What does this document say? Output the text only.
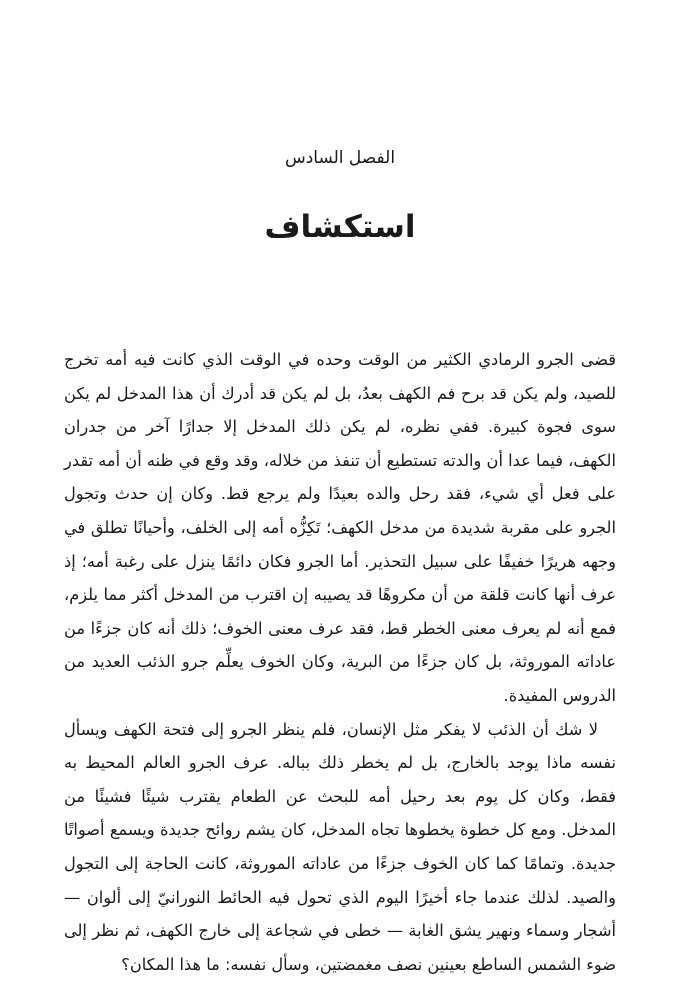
الفصل السادس
استكشاف

قضى الجرو الرمادي الكثير من الوقت وحده في الوقت الذي كانت فيه أمه تخرج للصيد، ولم يكن قد برح فم الكهف بعدُ، بل لم يكن قد أدرك أن هذا المدخل لم يكن سوى فجوة كبيرة. ففي نظره، لم يكن ذلك المدخل إلا جدارًا آخر من جدران الكهف، فيما عدا أن والدته تستطيع أن تنفذ من خلاله، وقد وقع في ظنه أن أمه تقدر على فعل أي شيء، فقد رحل والده بعيدًا ولم يرجع قط. وكان إن حدث وتجول الجرو على مقربة شديدة من مدخل الكهف؛ تَكِزُّه أمه إلى الخلف، وأحيانًا تطلق في وجهه هريرًا خفيفًا على سبيل التحذير. أما الجرو فكان دائمًا ينزل على رغبة أمه؛ إذ عرف أنها كانت قلقة من أن مكروهًا قد يصيبه إن اقترب من المدخل أكثر مما يلزم، فمع أنه لم يعرف معنى الخطر قط، فقد عرف معنى الخوف؛ ذلك أنه كان جزءًا من عاداته الموروثة، بل كان جزءًا من البرية، وكان الخوف يعلِّم جرو الذئب العديد من الدروس المفيدة.

لا شك أن الذئب لا يفكر مثل الإنسان، فلم ينظر الجرو إلى فتحة الكهف ويسأل نفسه ماذا يوجد بالخارج، بل لم يخطر ذلك بباله. عرف الجرو العالم المحيط به فقط، وكان كل يوم بعد رحيل أمه للبحث عن الطعام يقترب شيئًا فشيئًا من المدخل. ومع كل خطوة يخطوها تجاه المدخل، كان يشم روائح جديدة ويسمع أصواتًا جديدة. وتمامًا كما كان الخوف جزءًا من عاداته الموروثة، كانت الحاجة إلى التجول والصيد. لذلك عندما جاء أخيرًا اليوم الذي تحول فيه الحائط النورانيّ إلى ألوان — أشجار وسماء ونهير يشق الغابة — خطى في شجاعة إلى خارج الكهف، ثم نظر إلى ضوء الشمس الساطع بعينين نصف مغمضتين، وسأل نفسه: ما هذا المكان؟
